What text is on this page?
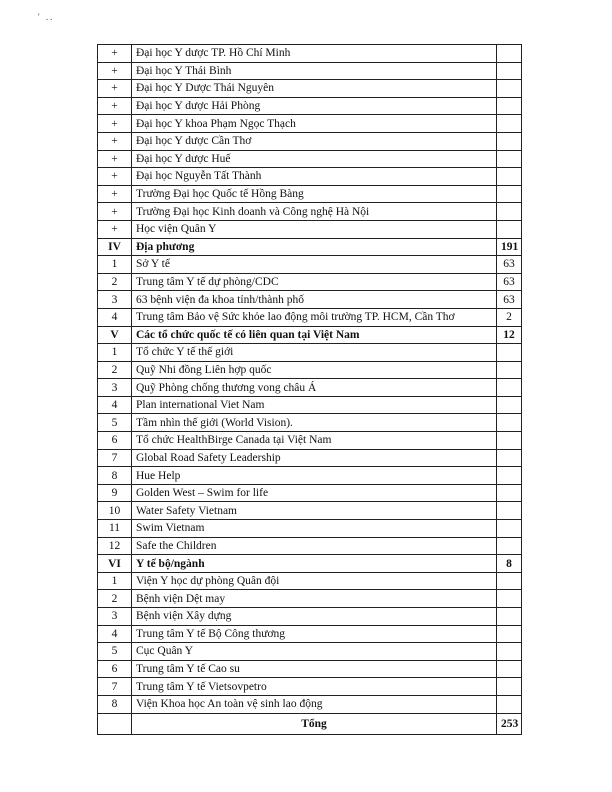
' ..
+	Đại học Y dược TP. Hồ Chí Minh	
+	Đại học Y Thái Bình	
+	Đại học Y Dược Thái Nguyên	
+	Đại học Y dược Hải Phòng	
+	Đại học Y khoa Phạm Ngọc Thạch	
+	Đại học Y dược Cần Thơ	
+	Đại học Y dược Huế	
+	Đại học Nguyễn Tất Thành	
+	Trường Đại học Quốc tế Hồng Bàng	
+	Trường Đại học Kinh doanh và Công nghệ Hà Nội	
+	Học viện Quân Y	
IV	Địa phương	191
1	Sở Y tế	63
2	Trung tâm Y tế dự phòng/CDC	63
3	63 bệnh viện đa khoa tỉnh/thành phố	63
4	Trung tâm Bảo vệ Sức khỏe lao động môi trường TP. HCM, Cần Thơ	2
V	Các tổ chức quốc tế có liên quan tại Việt Nam	12
1	Tổ chức Y tế thế giới	
2	Quỹ Nhi đồng Liên hợp quốc	
3	Quỹ Phòng chống thương vong châu Á	
4	Plan international Viet Nam	
5	Tầm nhìn thế giới (World Vision).	
6	Tổ chức HealthBirge Canada tại Việt Nam	
7	Global Road Safety Leadership	
8	Hue Help	
9	Golden West – Swim for life	
10	Water Safety Vietnam	
11	Swim Vietnam	
12	Safe the Children	
VI	Y tế bộ/ngành	8
1	Viện Y học dự phòng Quân đội	
2	Bệnh viện Dệt may	
3	Bệnh viện Xây dựng	
4	Trung tâm Y tế Bộ Công thương	
5	Cục Quân Y	
6	Trung tâm Y tế Cao su	
7	Trung tâm Y tế Vietsovpetro	
8	Viện Khoa học An toàn vệ sinh lao động	
	Tổng	253
